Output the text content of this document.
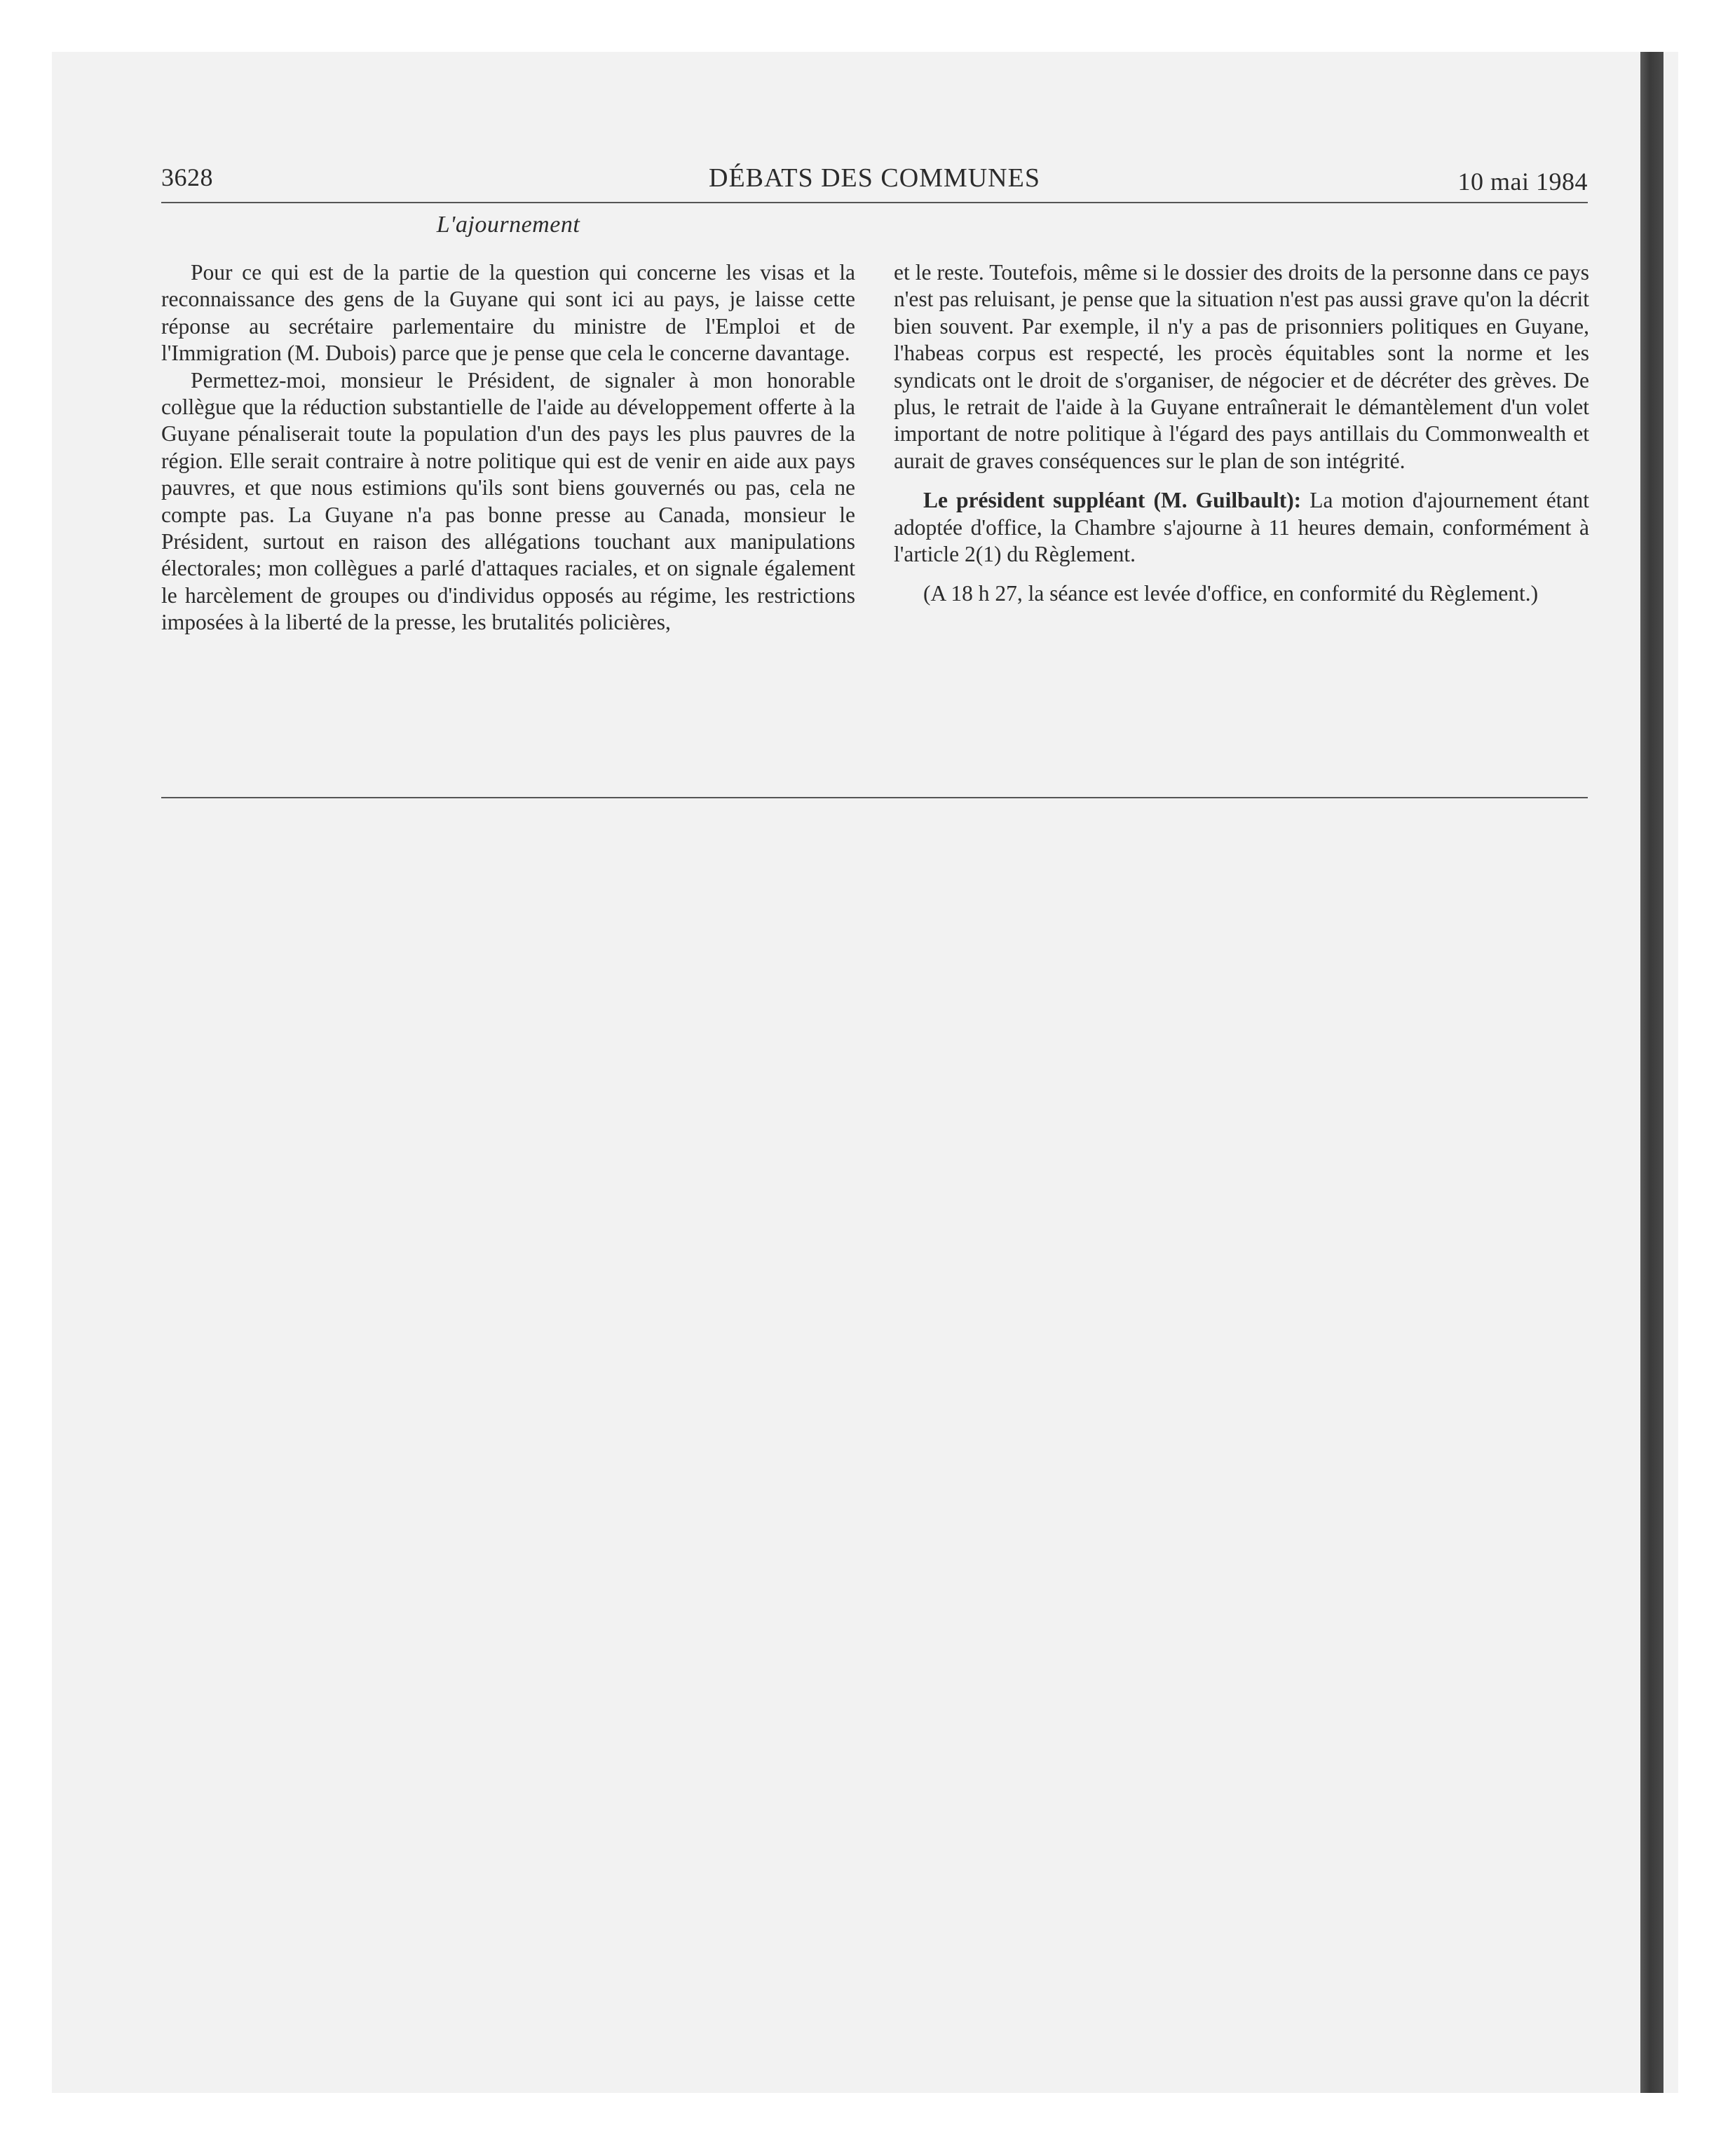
3628	DÉBATS DES COMMUNES	10 mai 1984
L'ajournement

Pour ce qui est de la partie de la question qui concerne les visas et la reconnaissance des gens de la Guyane qui sont ici au pays, je laisse cette réponse au secrétaire parlementaire du ministre de l'Emploi et de l'Immigration (M. Dubois) parce que je pense que cela le concerne davantage.

Permettez-moi, monsieur le Président, de signaler à mon honorable collègue que la réduction substantielle de l'aide au développement offerte à la Guyane pénaliserait toute la population d'un des pays les plus pauvres de la région. Elle serait contraire à notre politique qui est de venir en aide aux pays pauvres, et que nous estimions qu'ils sont biens gouvernés ou pas, cela ne compte pas. La Guyane n'a pas bonne presse au Canada, monsieur le Président, surtout en raison des allégations touchant aux manipulations électorales; mon collègues a parlé d'attaques raciales, et on signale également le harcèlement de groupes ou d'individus opposés au régime, les restrictions imposées à la liberté de la presse, les brutalités policières,

et le reste. Toutefois, même si le dossier des droits de la personne dans ce pays n'est pas reluisant, je pense que la situation n'est pas aussi grave qu'on la décrit bien souvent. Par exemple, il n'y a pas de prisonniers politiques en Guyane, l'habeas corpus est respecté, les procès équitables sont la norme et les syndicats ont le droit de s'organiser, de négocier et de décréter des grèves. De plus, le retrait de l'aide à la Guyane entraînerait le démantèlement d'un volet important de notre politique à l'égard des pays antillais du Commonwealth et aurait de graves conséquences sur le plan de son intégrité.

Le président suppléant (M. Guilbault): La motion d'ajournement étant adoptée d'office, la Chambre s'ajourne à 11 heures demain, conformément à l'article 2(1) du Règlement.

(A 18 h 27, la séance est levée d'office, en conformité du Règlement.)
